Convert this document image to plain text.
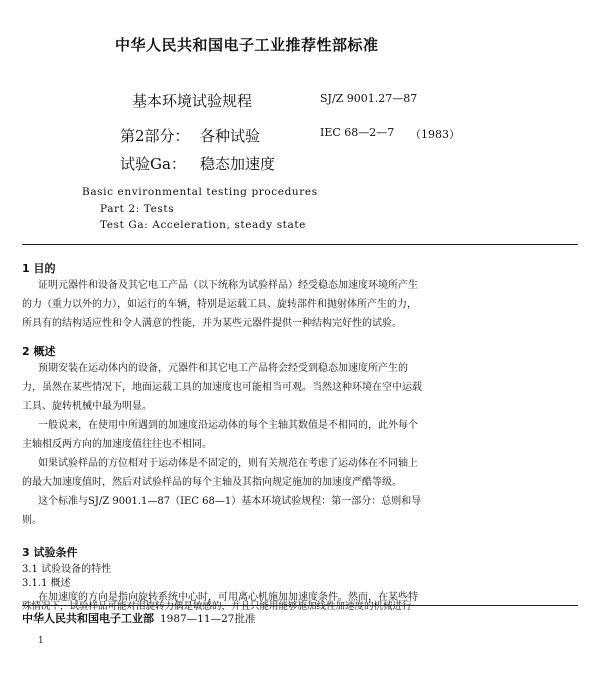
中华人民共和国电子工业推荐性部标准
基本环境试验规程	SJ/Z 9001.27—87
第2部分： 各种试验	IEC 68—2—7 （1983）
试验Ga： 稳态加速度
Basic environmental testing procedures
Part 2: Tests
Test Ga: Acceleration, steady state
1 目的
证明元器件和设备及其它电工产品（以下统称为试验样品）经受稳态加速度环境所产生
的力（重力以外的力），如运行的车辆，特别是运载工具、旋转部件和抛射体所产生的力，
所具有的结构适应性和令人满意的性能，并为某些元器件提供一种结构完好性的试验。
2 概述
预期安装在运动体内的设备，元器件和其它电工产品将会经受到稳态加速度所产生的
力，虽然在某些情况下，地面运载工具的加速度也可能相当可观。当然这种环境在空中运载
工具、旋转机械中最为明显。
一般说来，在使用中所遇到的加速度沿运动体的每个主轴其数值是不相同的，此外每个
主轴相反两方向的加速度值往往也不相同。
如果试验样品的方位相对于运动体是不固定的，则有关规范在考虑了运动体在不同轴上
的最大加速度值时，然后对试验样品的每个主轴及其指向规定施加的加速度严酷等级。
这个标准与SJ/Z 9001.1—87（IEC 68—1）基本环境试验规程：第一部分：总则和导
则。
3 试验条件
3.1 试验设备的特性
3.1.1 概述
在加速度的方向是指向旋转系统中心时，可用离心机施加加速度条件。然而，在某些特
殊情况下，试验样品可能对泪旋转力偶是敏感的，并且只能用能够施加线性加速度的机械进行
中华人民共和国电子工业部 1987—11—27批准
1
